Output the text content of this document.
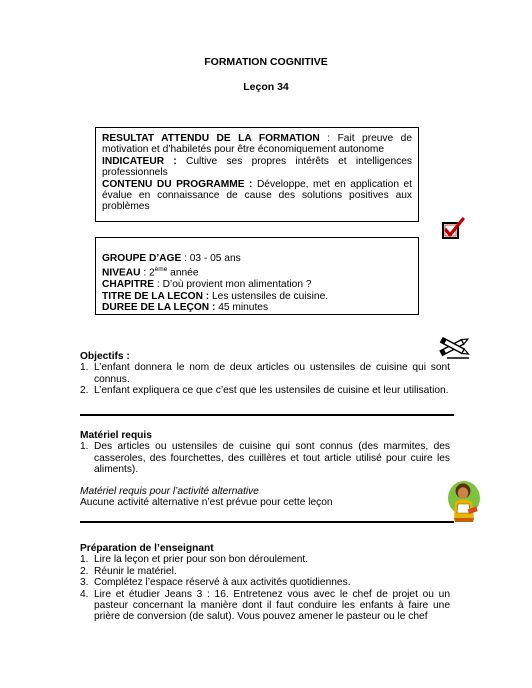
FORMATION COGNITIVE
Leçon 34

RESULTAT ATTENDU DE LA FORMATION : Fait preuve de motivation et d’habiletés pour être économiquement autonome

INDICATEUR : Cultive ses propres intérêts et intelligences professionnels

CONTENU DU PROGRAMME : Développe, met en application et évalue en connaissance de cause des solutions positives aux problèmes

GROUPE D’AGE : 03 - 05 ans

NIVEAU : 2ème année

CHAPITRE : D’où provient mon alimentation ?

TITRE DE LA LECON : Les ustensiles de cuisine.

DUREE DE LA LEÇON : 45 minutes

Objectifs :

1. L’enfant donnera le nom de deux articles ou ustensiles de cuisine qui sont connus.
2. L’enfant expliquera ce que c’est que les ustensiles de cuisine et leur utilisation.

Matériel requis

1. Des articles ou ustensiles de cuisine qui sont connus (des marmites, des casseroles, des fourchettes, des cuillères et tout article utilisé pour cuire les aliments).

Matériel requis pour l’activité alternative

Aucune activité alternative n’est prévue pour cette leçon

Préparation de l’enseignant

1. Lire la leçon et prier pour son bon déroulement.
2. Réunir le matériel.
3. Complétez l’espace réservé à aux activités quotidiennes.
4. Lire et étudier Jeans 3 : 16. Entretenez vous avec le chef de projet ou un pasteur concernant la manière dont il faut conduire les enfants à faire une prière de conversion (de salut). Vous pouvez amener le pasteur ou le chef
